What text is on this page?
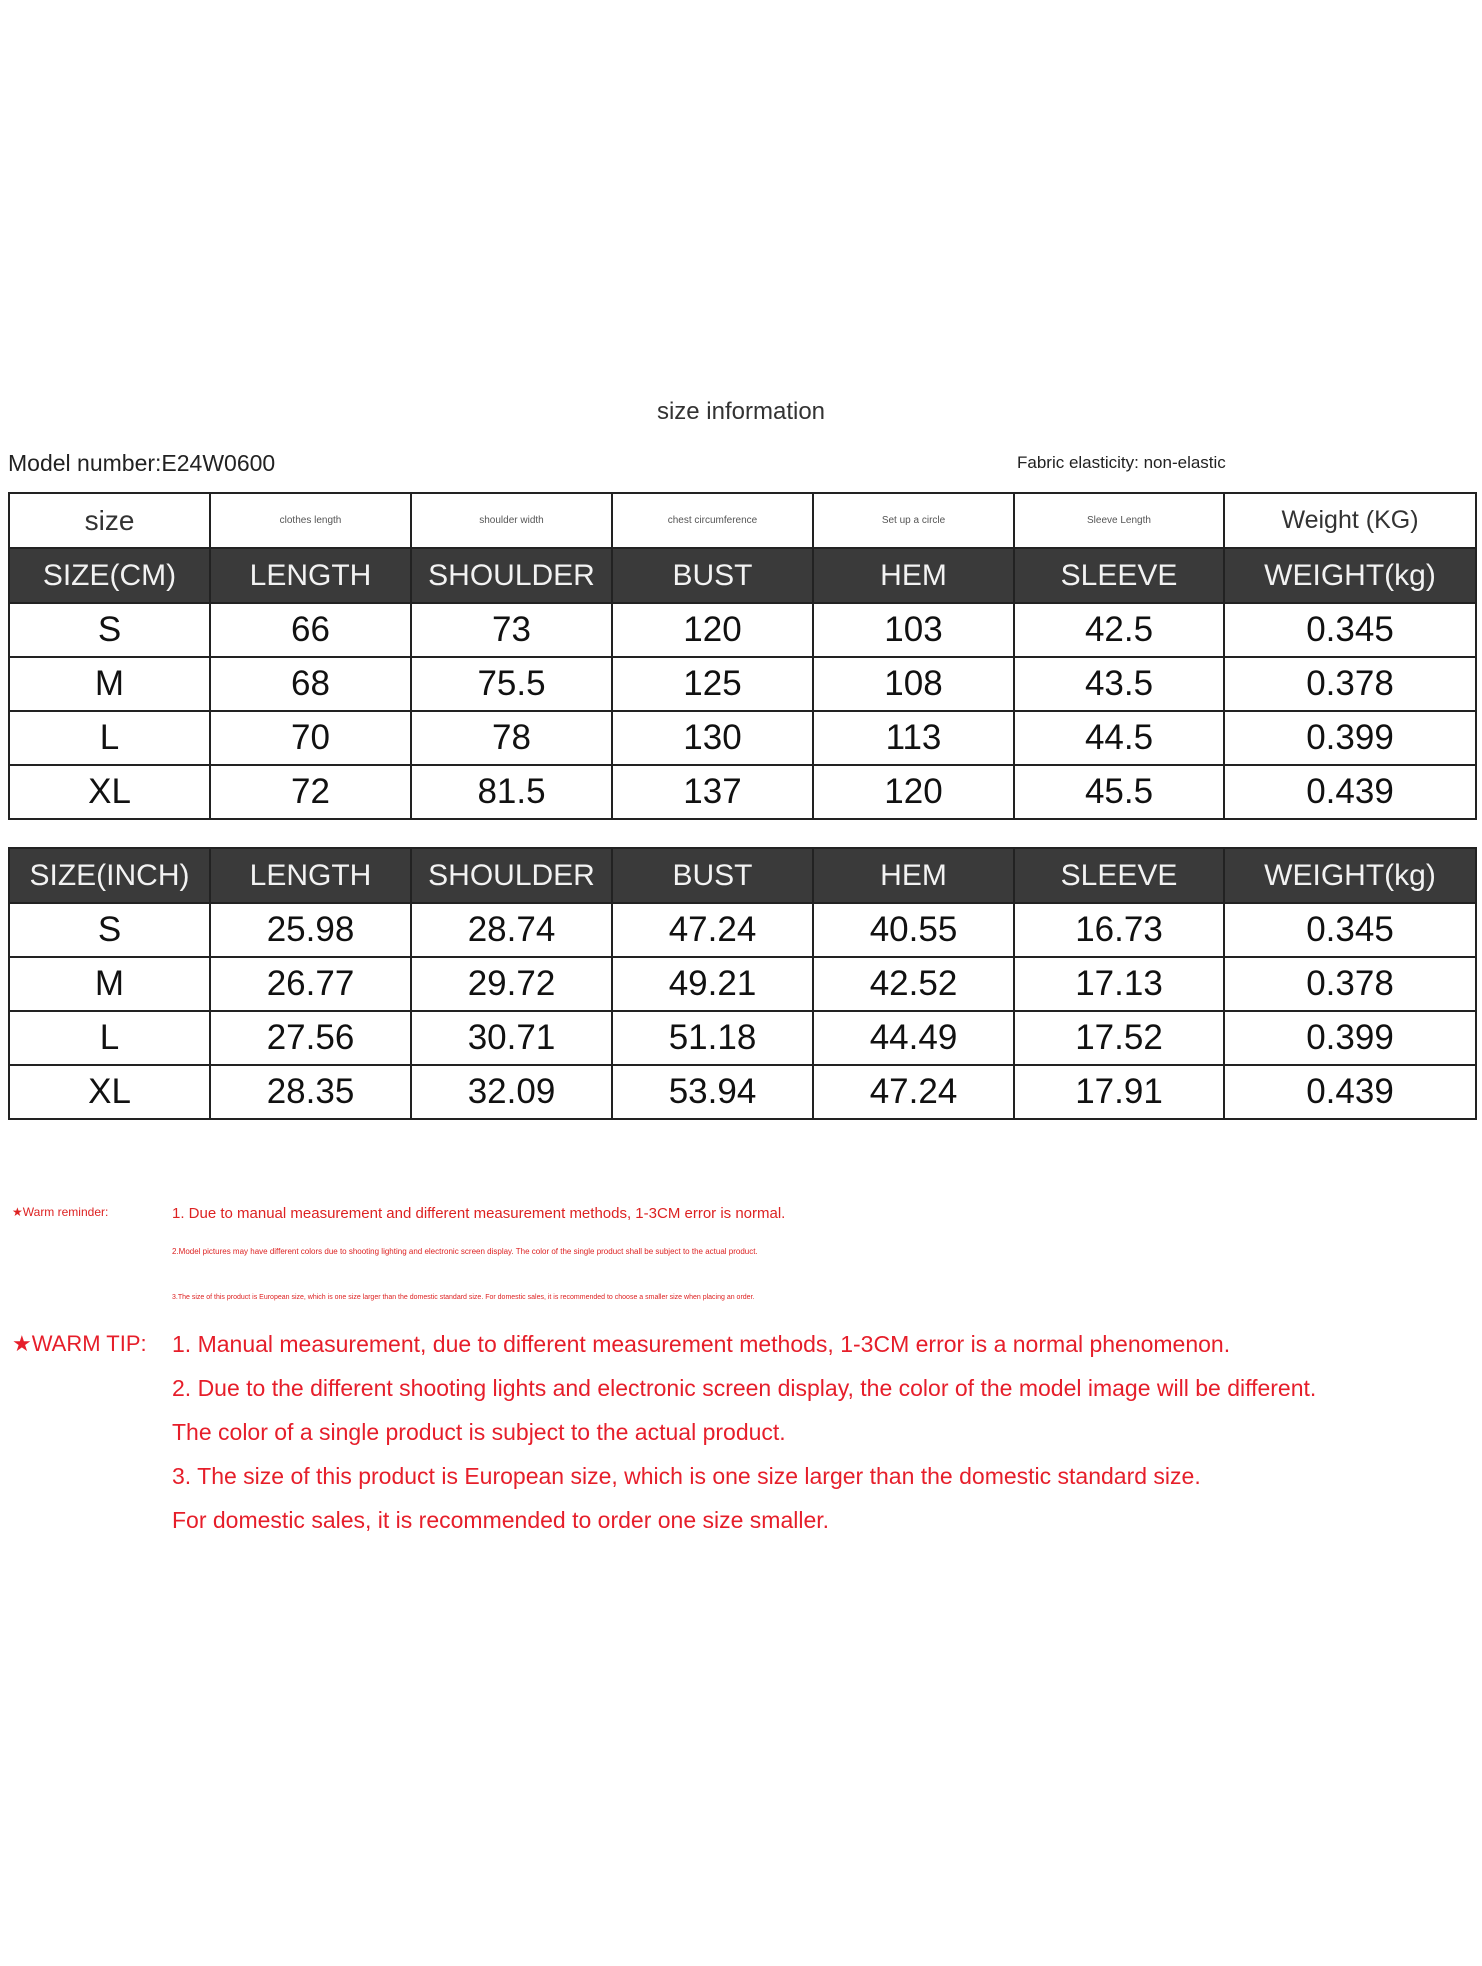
size information
Model number:E24W0600	Fabric elasticity: non-elastic
size	clothes length	shoulder width	chest circumference	Set up a circle	Sleeve Length	Weight (KG)
SIZE(CM)	LENGTH	SHOULDER	BUST	HEM	SLEEVE	WEIGHT(kg)
S	66	73	120	103	42.5	0.345
M	68	75.5	125	108	43.5	0.378
L	70	78	130	113	44.5	0.399
XL	72	81.5	137	120	45.5	0.439
SIZE(INCH)	LENGTH	SHOULDER	BUST	HEM	SLEEVE	WEIGHT(kg)
S	25.98	28.74	47.24	40.55	16.73	0.345
M	26.77	29.72	49.21	42.52	17.13	0.378
L	27.56	30.71	51.18	44.49	17.52	0.399
XL	28.35	32.09	53.94	47.24	17.91	0.439
★Warm reminder:	1. Due to manual measurement and different measurement methods, 1-3CM error is normal.
2.Model pictures may have different colors due to shooting lighting and electronic screen display. The color of the single product shall be subject to the actual product.
3.The size of this product is European size, which is one size larger than the domestic standard size. For domestic sales, it is recommended to choose a smaller size when placing an order.
★WARM TIP: 1. Manual measurement, due to different measurement methods, 1-3CM error is a normal phenomenon.
2. Due to the different shooting lights and electronic screen display, the color of the model image will be different.
The color of a single product is subject to the actual product.
3. The size of this product is European size, which is one size larger than the domestic standard size.
For domestic sales, it is recommended to order one size smaller.
